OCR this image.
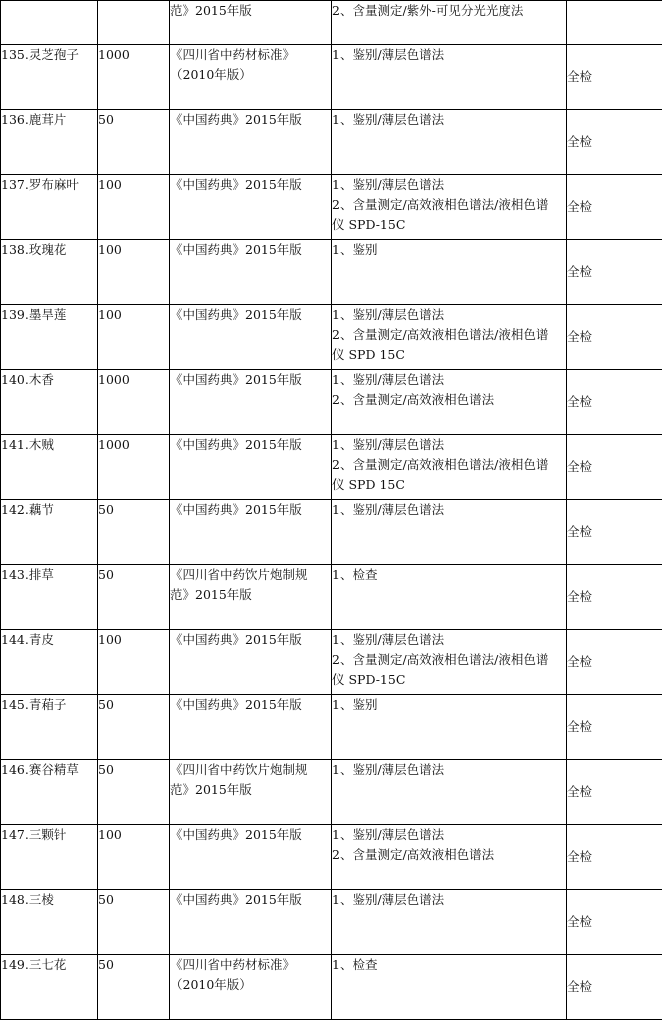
		范》2015年版	2、含量测定/紫外-可见分光光度法	

135.灵芝孢子	1000	《四川省中药材标准》
（2010年版）	1、鉴别/薄层色谱法	全检

136.鹿茸片	50	《中国药典》2015年版	1、鉴别/薄层色谱法	全检

137.罗布麻叶	100	《中国药典》2015年版	1、鉴别/薄层色谱法
2、含量测定/高效液相色谱法/液相色谱
仪 SPD-15C	全检

138.玫瑰花	100	《中国药典》2015年版	1、鉴别	全检

139.墨旱莲	100	《中国药典》2015年版	1、鉴别/薄层色谱法
2、含量测定/高效液相色谱法/液相色谱
仪 SPD 15C	全检

140.木香	1000	《中国药典》2015年版	1、鉴别/薄层色谱法
2、含量测定/高效液相色谱法	全检

141.木贼	1000	《中国药典》2015年版	1、鉴别/薄层色谱法
2、含量测定/高效液相色谱法/液相色谱
仪 SPD 15C	全检

142.藕节	50	《中国药典》2015年版	1、鉴别/薄层色谱法	全检

143.排草	50	《四川省中药饮片炮制规
范》2015年版	1、检查	全检

144.青皮	100	《中国药典》2015年版	1、鉴别/薄层色谱法
2、含量测定/高效液相色谱法/液相色谱
仪 SPD-15C	全检

145.青葙子	50	《中国药典》2015年版	1、鉴别	全检

146.赛谷精草	50	《四川省中药饮片炮制规
范》2015年版	1、鉴别/薄层色谱法	全检

147.三颗针	100	《中国药典》2015年版	1、鉴别/薄层色谱法
2、含量测定/高效液相色谱法	全检

148.三棱	50	《中国药典》2015年版	1、鉴别/薄层色谱法	全检

149.三七花	50	《四川省中药材标准》
（2010年版）	1、检查	全检
